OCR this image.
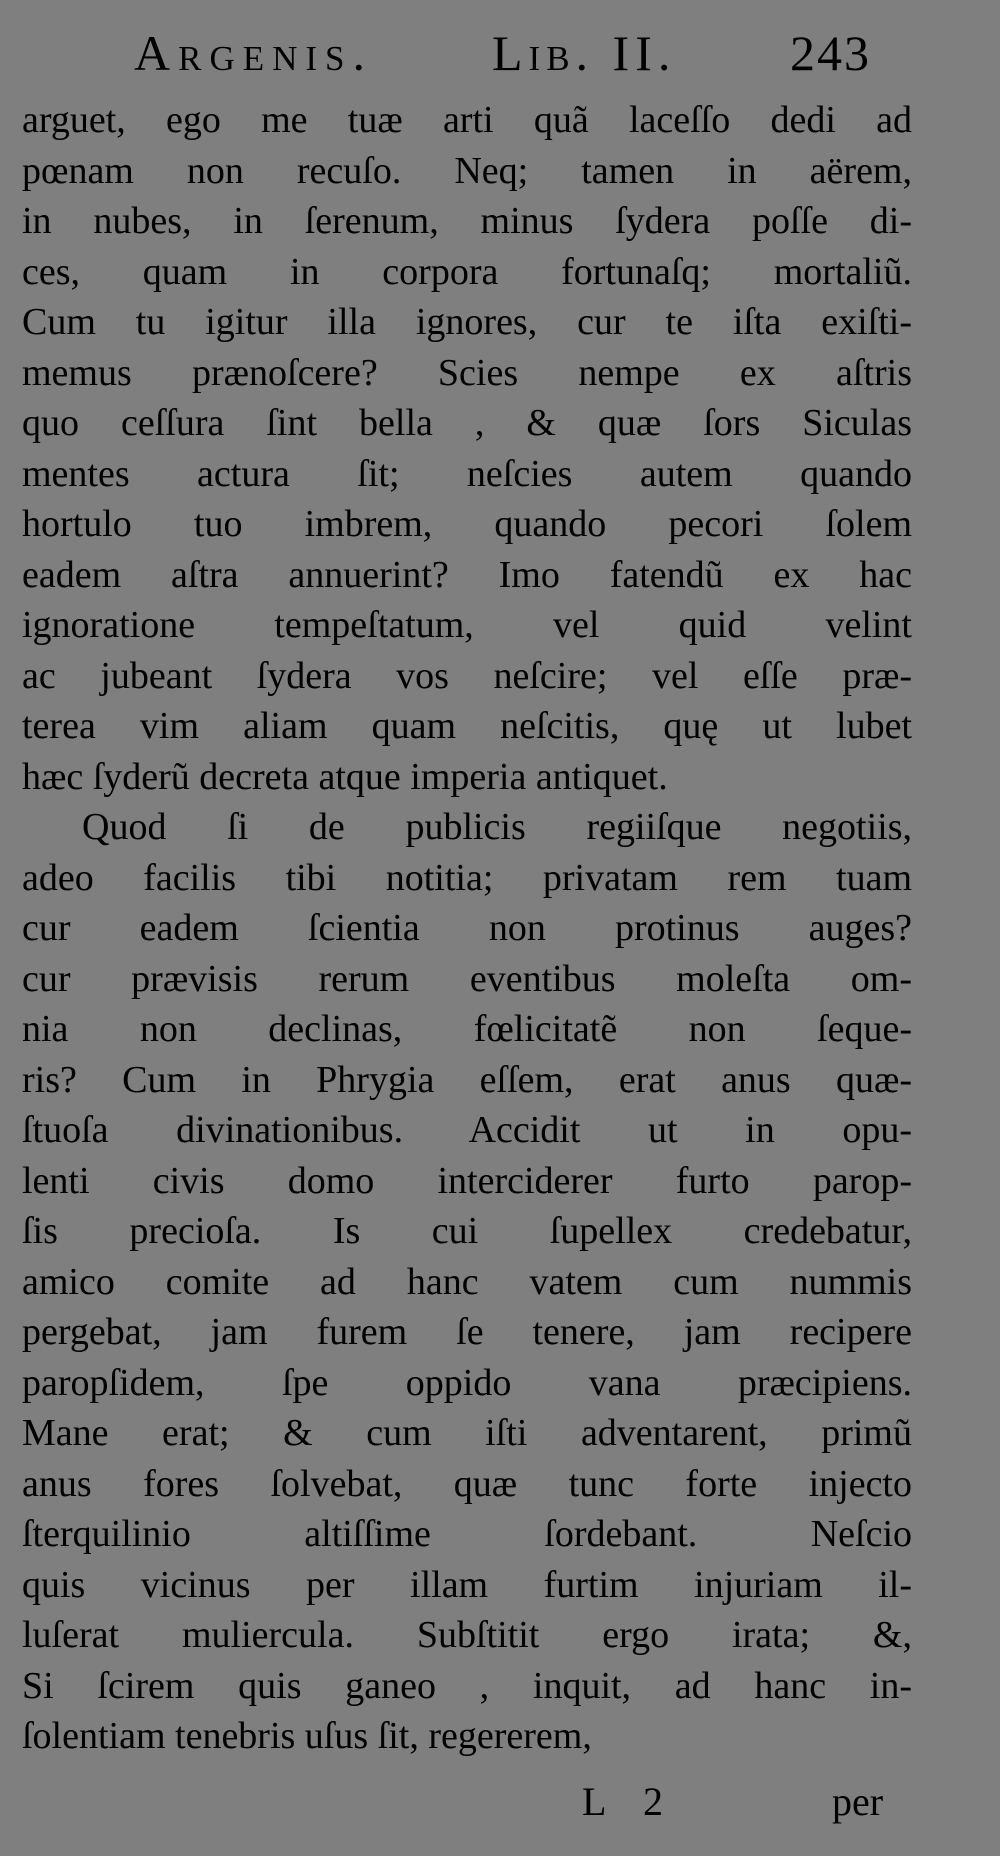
Argenis. Lib. II. 243
arguet, ego me tuæ arti quã laceſſo dedi ad
pœnam non recuſo. Neq; tamen in aërem,
in nubes, in ſerenum, minus ſydera poſſe di-
ces, quam in corpora fortunaſq; mortaliũ.
Cum tu igitur illa ignores, cur te iſta exiſti-
memus prænoſcere? Scies nempe ex aſtris
quo ceſſura ſint bella , & quæ ſors Siculas
mentes actura ſit; neſcies autem quando
hortulo tuo imbrem, quando pecori ſolem
eadem aſtra annuerint? Imo fatendũ ex hac
ignoratione tempeſtatum, vel quid velint
ac jubeant ſydera vos neſcire; vel eſſe præ-
terea vim aliam quam neſcitis, quę ut lubet
hæc ſyderũ decreta atque imperia antiquet.
Quod ſi de publicis regiiſque negotiis,
adeo facilis tibi notitia; privatam rem tuam
cur eadem ſcientia non protinus auges?
cur prævisis rerum eventibus moleſta om-
nia non declinas, fœlicitatẽ non ſeque-
ris? Cum in Phrygia eſſem, erat anus quæ-
ſtuoſa divinationibus. Accidit ut in opu-
lenti civis domo interciderer furto parop-
ſis precioſa. Is cui ſupellex credebatur,
amico comite ad hanc vatem cum nummis
pergebat, jam furem ſe tenere, jam recipere
paropſidem, ſpe oppido vana præcipiens.
Mane erat; & cum iſti adventarent, primũ
anus fores ſolvebat, quæ tunc forte injecto
ſterquilinio altiſſime ſordebant. Neſcio
quis vicinus per illam furtim injuriam il-
luſerat muliercula. Subſtitit ergo irata; &,
Si ſcirem quis ganeo , inquit, ad hanc in-
ſolentiam tenebris uſus ſit, regererem,
L 2	per
